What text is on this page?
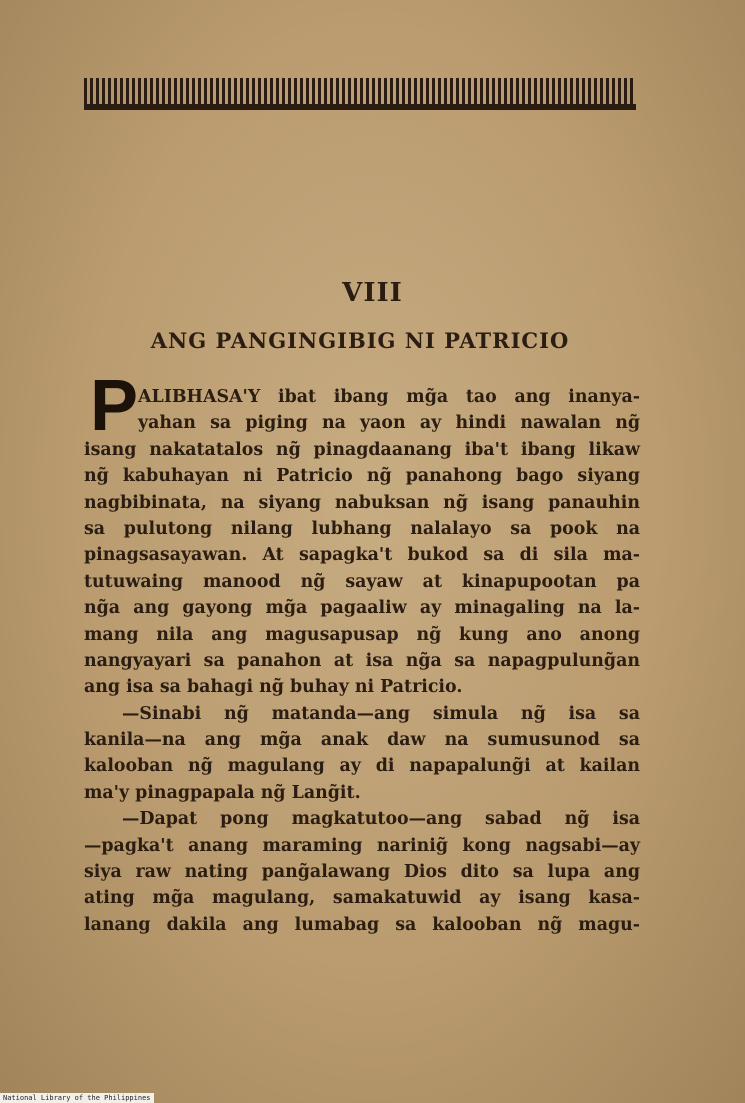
VIII
ANG PANGINGIBIG NI PATRICIO
P ALIBHASA'Y ibat ibang mg̃a tao ang inanya-
yahan sa piging na yaon ay hindi nawalan ng̃
isang nakatatalos ng̃ pinagdaanang iba't ibang likaw
ng̃ kabuhayan ni Patricio ng̃ panahong bago siyang
nagbibinata, na siyang nabuksan ng̃ isang panauhin
sa pulutong nilang lubhang nalalayo sa pook na
pinagsasayawan. At sapagka't bukod sa di sila ma-
tutuwaing manood ng̃ sayaw at kinapupootan pa
ng̃a ang gayong mg̃a pagaaliw ay minagaling na la-
mang nila ang magusapusap ng̃ kung ano anong
nangyayari sa panahon at isa ng̃a sa napagpulung̃an
ang isa sa bahagi ng̃ buhay ni Patricio.
—Sinabi ng̃ matanda—ang simula ng̃ isa sa
kanila—na ang mg̃a anak daw na sumusunod sa
kalooban ng̃ magulang ay di napapalung̃i at kailan
ma'y pinagpapala ng̃ Lang̃it.
—Dapat pong magkatutoo—ang sabad ng̃ isa
—pagka't anang maraming narinig̃ kong nagsabi—ay
siya raw nating pang̃alawang Dios dito sa lupa ang
ating mg̃a magulang, samakatuwid ay isang kasa-
lanang dakila ang lumabag sa kalooban ng̃ magu-
National Library of the Philippines
